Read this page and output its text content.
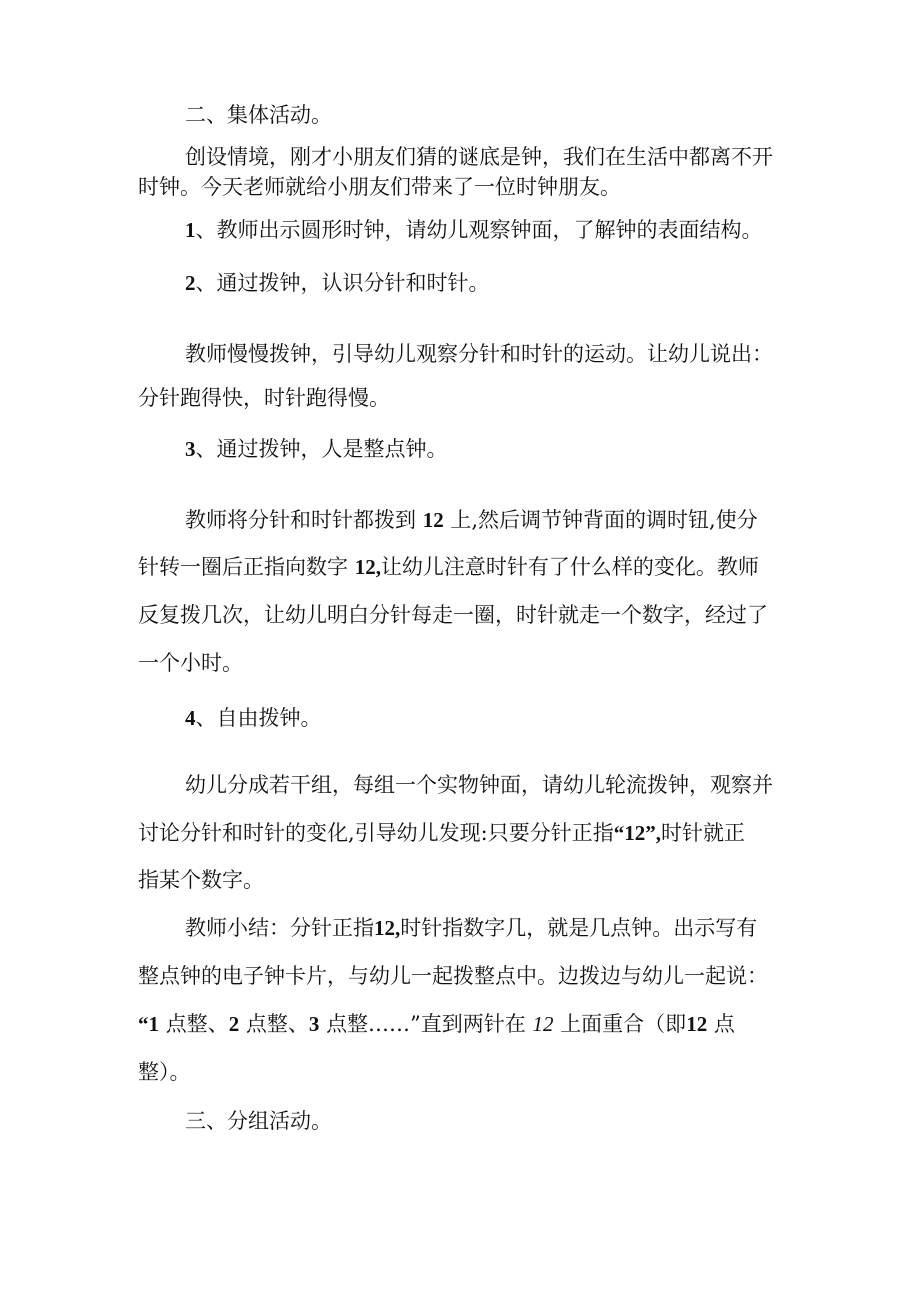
二、集体活动。
创设情境，刚才小朋友们猜的谜底是钟，我们在生活中都离不开
时钟。今天老师就给小朋友们带来了一位时钟朋友。
1、教师出示圆形时钟，请幼儿观察钟面，了解钟的表面结构。
2、通过拨钟，认识分针和时针。
教师慢慢拨钟，引导幼儿观察分针和时针的运动。让幼儿说出：
分针跑得快，时针跑得慢。
3、通过拨钟，人是整点钟。
教师将分针和时针都拨到 12 上,然后调节钟背面的调时钮,使分
针转一圈后正指向数字 12,让幼儿注意时针有了什么样的变化。教师
反复拨几次，让幼儿明白分针每走一圈，时针就走一个数字，经过了
一个小时。
4、自由拨钟。
幼儿分成若干组，每组一个实物钟面，请幼儿轮流拨钟，观察并
讨论分针和时针的变化,引导幼儿发现:只要分针正指“12”,时针就正
指某个数字。
教师小结：分针正指12,时针指数字几，就是几点钟。出示写有
整点钟的电子钟卡片，与幼儿一起拨整点中。边拨边与幼儿一起说：
“1 点整、2 点整、3 点整……”直到两针在 12 上面重合（即12 点
整）。
三、分组活动。
